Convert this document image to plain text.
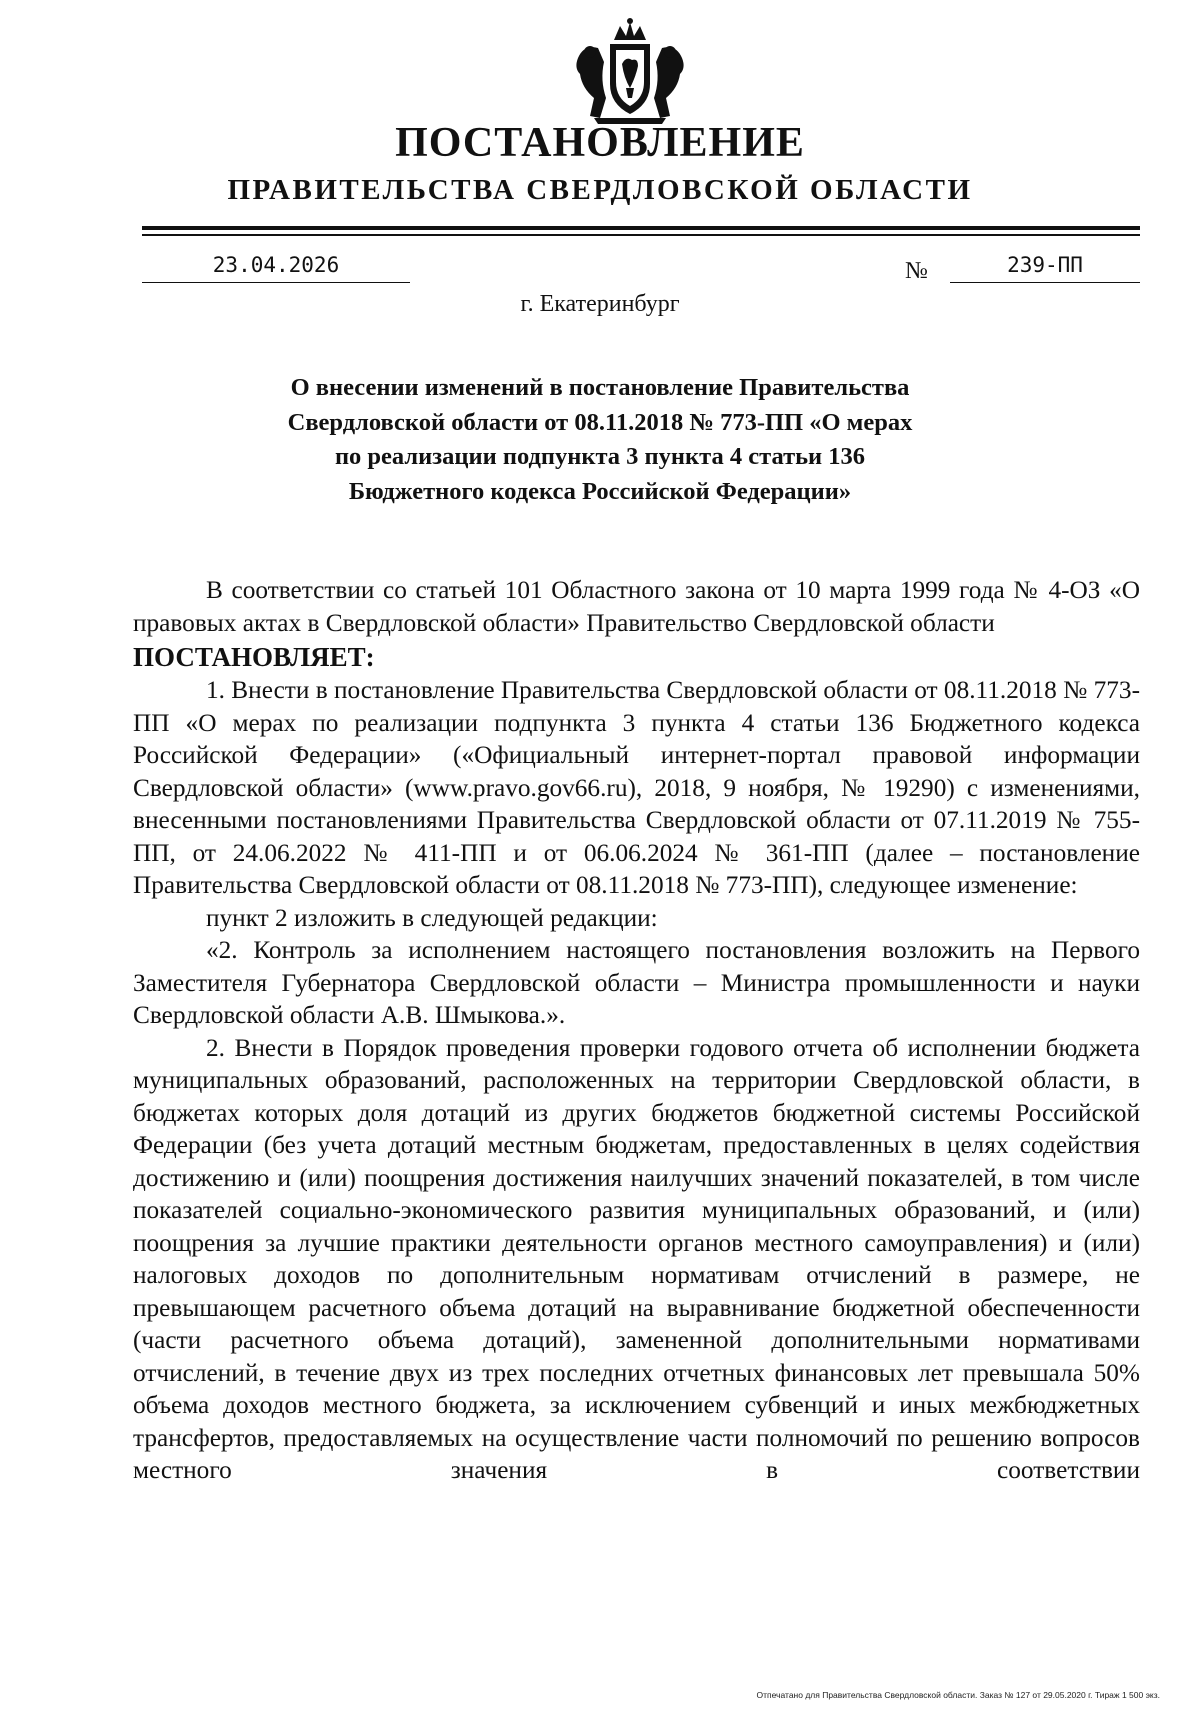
ПОСТАНОВЛЕНИЕ
ПРАВИТЕЛЬСТВА СВЕРДЛОВСКОЙ ОБЛАСТИ
23.04.2026	№	239-ПП
г. Екатеринбург
О внесении изменений в постановление Правительства
Свердловской области от 08.11.2018 № 773-ПП «О мерах
по реализации подпункта 3 пункта 4 статьи 136
Бюджетного кодекса Российской Федерации»

В соответствии со статьей 101 Областного закона от 10 марта 1999 года № 4-ОЗ «О правовых актах в Свердловской области» Правительство Свердловской области

ПОСТАНОВЛЯЕТ:

1. Внести в постановление Правительства Свердловской области от 08.11.2018 № 773-ПП «О мерах по реализации подпункта 3 пункта 4 статьи 136 Бюджетного кодекса Российской Федерации» («Официальный интернет-портал правовой информации Свердловской области» (www.pravo.gov66.ru), 2018, 9 ноября, № 19290) с изменениями, внесенными постановлениями Правительства Свердловской области от 07.11.2019 № 755-ПП, от 24.06.2022 № 411-ПП и от 06.06.2024 № 361-ПП (далее – постановление Правительства Свердловской области от 08.11.2018 № 773-ПП), следующее изменение:

пункт 2 изложить в следующей редакции:

«2. Контроль за исполнением настоящего постановления возложить на Первого Заместителя Губернатора Свердловской области – Министра промышленности и науки Свердловской области А.В. Шмыкова.».

2. Внести в Порядок проведения проверки годового отчета об исполнении бюджета муниципальных образований, расположенных на территории Свердловской области, в бюджетах которых доля дотаций из других бюджетов бюджетной системы Российской Федерации (без учета дотаций местным бюджетам, предоставленных в целях содействия достижению и (или) поощрения достижения наилучших значений показателей, в том числе показателей социально-экономического развития муниципальных образований, и (или) поощрения за лучшие практики деятельности органов местного самоуправления) и (или) налоговых доходов по дополнительным нормативам отчислений в размере, не превышающем расчетного объема дотаций на выравнивание бюджетной обеспеченности (части расчетного объема дотаций), замененной дополнительными нормативами отчислений, в течение двух из трех последних отчетных финансовых лет превышала 50% объема доходов местного бюджета, за исключением субвенций и иных межбюджетных трансфертов, предоставляемых на осуществление части полномочий по решению вопросов местного значения в соответствии

Отпечатано для Правительства Свердловской области. Заказ № 127 от 29.05.2020 г. Тираж 1 500 экз.
